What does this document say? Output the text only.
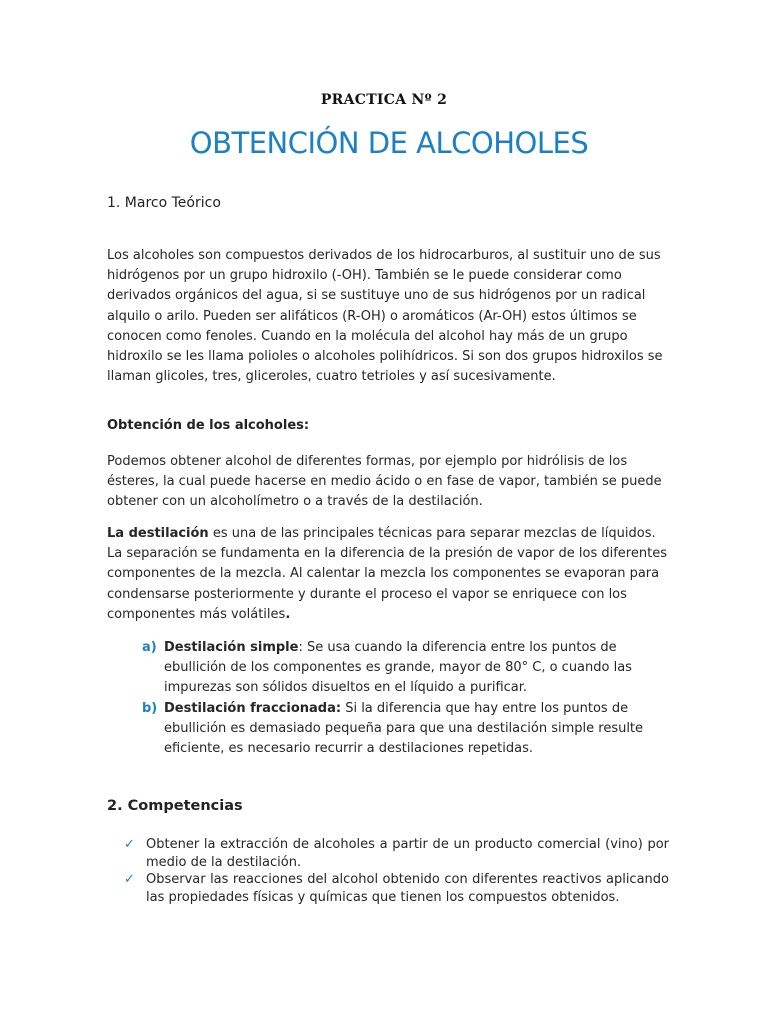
PRACTICA Nº 2
OBTENCIÓN DE ALCOHOLES
1. Marco Teórico
Los alcoholes son compuestos derivados de los hidrocarburos, al sustituir uno de sus hidrógenos por un grupo hidroxilo (-OH). También se le puede considerar como derivados orgánicos del agua, si se sustituye uno de sus hidrógenos por un radical alquilo o arilo. Pueden ser alifáticos (R-OH) o aromáticos (Ar-OH) estos últimos se conocen como fenoles. Cuando en la molécula del alcohol hay más de un grupo hidroxilo se les llama polioles o alcoholes polihídricos. Si son dos grupos hidroxilos se llaman glicoles, tres, gliceroles, cuatro tetrioles y así sucesivamente.
Obtención de los alcoholes:
Podemos obtener alcohol de diferentes formas, por ejemplo por hidrólisis de los ésteres, la cual puede hacerse en medio ácido o en fase de vapor, también se puede obtener con un alcoholímetro o a través de la destilación.
La destilación es una de las principales técnicas para separar mezclas de líquidos. La separación se fundamenta en la diferencia de la presión de vapor de los diferentes componentes de la mezcla. Al calentar la mezcla los componentes se evaporan para condensarse posteriormente y durante el proceso el vapor se enriquece con los componentes más volátiles.
a) Destilación simple: Se usa cuando la diferencia entre los puntos de ebullición de los componentes es grande, mayor de 80° C, o cuando las impurezas son sólidos disueltos en el líquido a purificar.
b) Destilación fraccionada: Si la diferencia que hay entre los puntos de ebullición es demasiado pequeña para que una destilación simple resulte eficiente, es necesario recurrir a destilaciones repetidas.
2. Competencias
✓ Obtener la extracción de alcoholes a partir de un producto comercial (vino) por medio de la destilación.
✓ Observar las reacciones del alcohol obtenido con diferentes reactivos aplicando las propiedades físicas y químicas que tienen los compuestos obtenidos.
